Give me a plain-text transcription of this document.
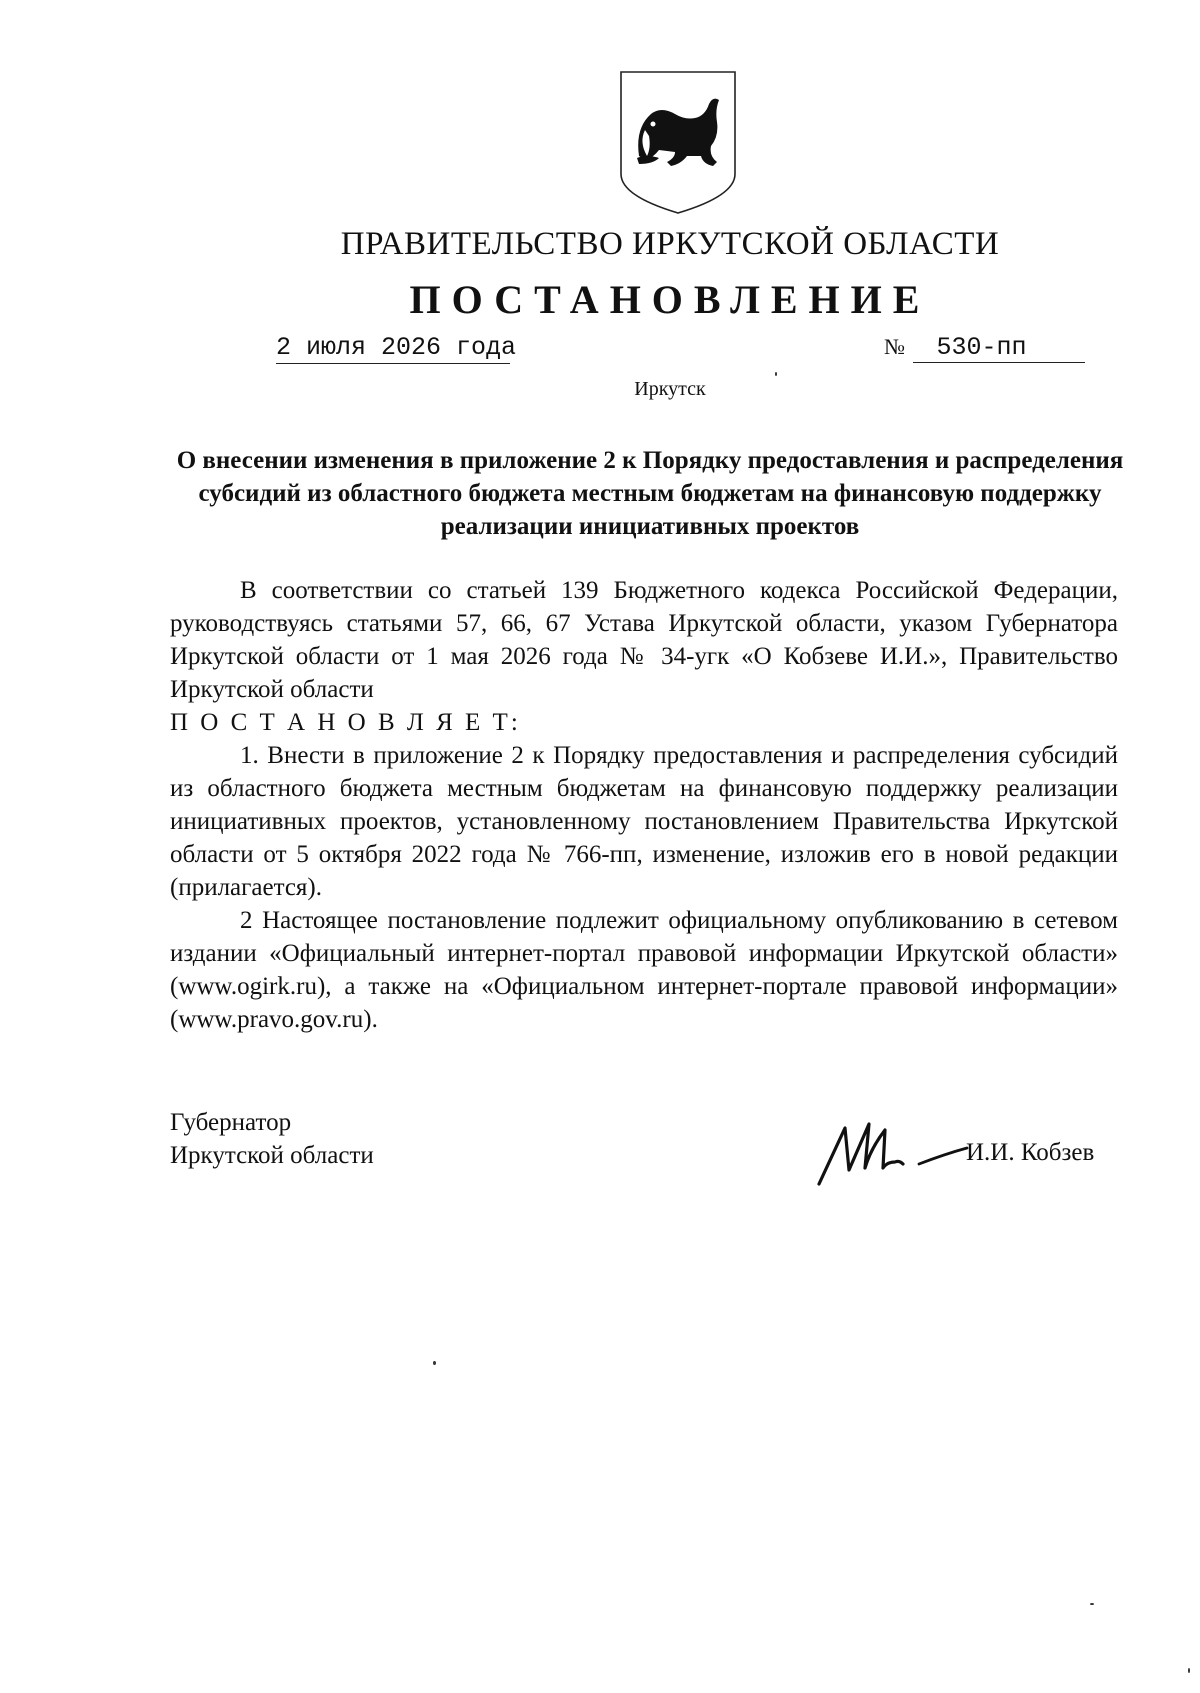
ПРАВИТЕЛЬСТВО ИРКУТСКОЙ ОБЛАСТИ
ПОСТАНОВЛЕНИЕ
2 июля 2026 года	№ 530-пп
Иркутск
О внесении изменения в приложение 2 к Порядку предоставления и распределения субсидий из областного бюджета местным бюджетам на финансовую поддержку реализации инициативных проектов

В соответствии со статьей 139 Бюджетного кодекса Российской Федерации, руководствуясь статьями 57, 66, 67 Устава Иркутской области, указом Губернатора Иркутской области от 1 мая 2026 года № 34-угк «О Кобзеве И.И.», Правительство Иркутской области

П О С Т А Н О В Л Я Е Т:

1. Внести в приложение 2 к Порядку предоставления и распределения субсидий из областного бюджета местным бюджетам на финансовую поддержку реализации инициативных проектов, установленному постановлением Правительства Иркутской области от 5 октября 2022 года № 766-пп, изменение, изложив его в новой редакции (прилагается).

2 Настоящее постановление подлежит официальному опубликованию в сетевом издании «Официальный интернет-портал правовой информации Иркутской области» (www.ogirk.ru), а также на «Официальном интернет-портале правовой информации» (www.pravo.gov.ru).

Губернатор
Иркутской области	И.И. Кобзев
